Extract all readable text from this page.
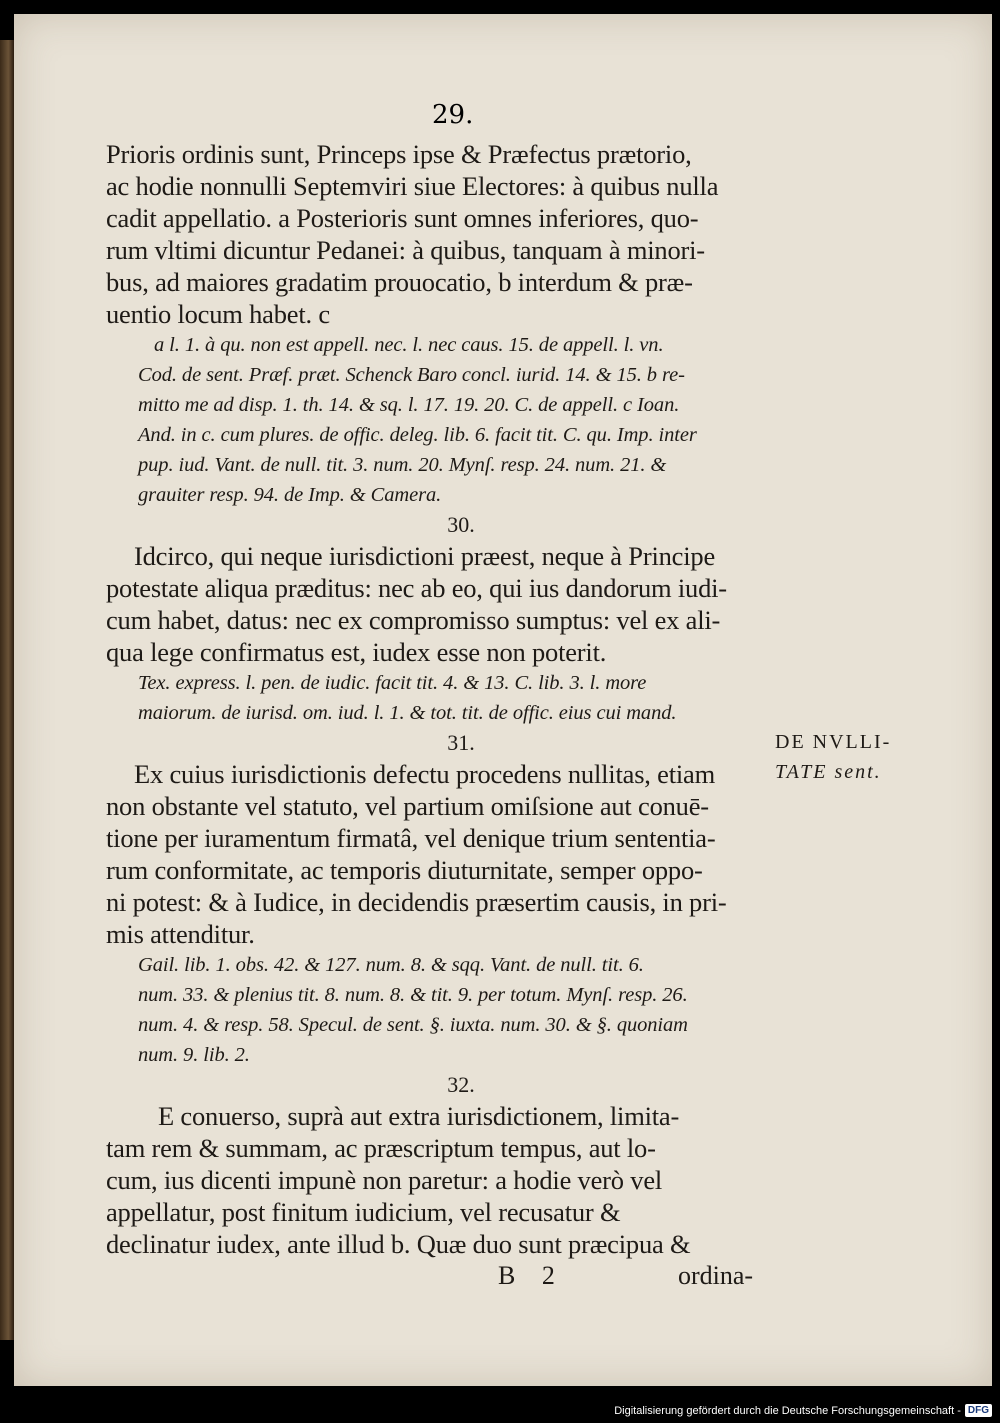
29.
Prioris ordinis sunt, Princeps ipse & Præfectus prætorio,
ac hodie nonnulli Septemviri siue Electores: à quibus nulla
cadit appellatio. a Posterioris sunt omnes inferiores, quo-
rum vltimi dicuntur Pedanei: à quibus, tanquam à minori-
bus, ad maiores gradatim prouocatio, b interdum & præ-
uentio locum habet. c
a l. 1. à qu. non est appell. nec. l. nec caus. 15. de appell. l. vn.
Cod. de sent. Præf. præt. Schenck Baro concl. iurid. 14. & 15. b re-
mitto me ad disp. 1. th. 14. & sq. l. 17. 19. 20. C. de appell. c Ioan.
And. in c. cum plures. de offic. deleg. lib. 6. facit tit. C. qu. Imp. inter
pup. iud. Vant. de null. tit. 3. num. 20. Mynſ. resp. 24. num. 21. &
grauiter resp. 94. de Imp. & Camera.
30.
Idcirco, qui neque iurisdictioni præest, neque à Principe
potestate aliqua præditus: nec ab eo, qui ius dandorum iudi-
cum habet, datus: nec ex compromisso sumptus: vel ex ali-
qua lege confirmatus est, iudex esse non poterit.
Tex. express. l. pen. de iudic. facit tit. 4. & 13. C. lib. 3. l. more
maiorum. de iurisd. om. iud. l. 1. & tot. tit. de offic. eius cui mand.
31.
Ex cuius iurisdictionis defectu procedens nullitas, etiam
non obstante vel statuto, vel partium omiſsione aut conuē-
tione per iuramentum firmatâ, vel denique trium sententia-
rum conformitate, ac temporis diuturnitate, semper oppo-
ni potest: & à Iudice, in decidendis præsertim causis, in pri-
mis attenditur.
Gail. lib. 1. obs. 42. & 127. num. 8. & sqq. Vant. de null. tit. 6.
num. 33. & plenius tit. 8. num. 8. & tit. 9. per totum. Mynſ. resp. 26.
num. 4. & resp. 58. Specul. de sent. §. iuxta. num. 30. & §. quoniam
num. 9. lib. 2.
32.
E conuerso, suprà aut extra iurisdictionem, limita-
tam rem & summam, ac præscriptum tempus, aut lo-
cum, ius dicenti impunè non paretur: a hodie verò vel
appellatur, post finitum iudicium, vel recusatur &
declinatur iudex, ante illud b. Quæ duo sunt præcipua &
B 2	ordina-
DE NVLLI-
TATE sent.
Digitalisierung gefördert durch die Deutsche Forschungsgemeinschaft - DFG
